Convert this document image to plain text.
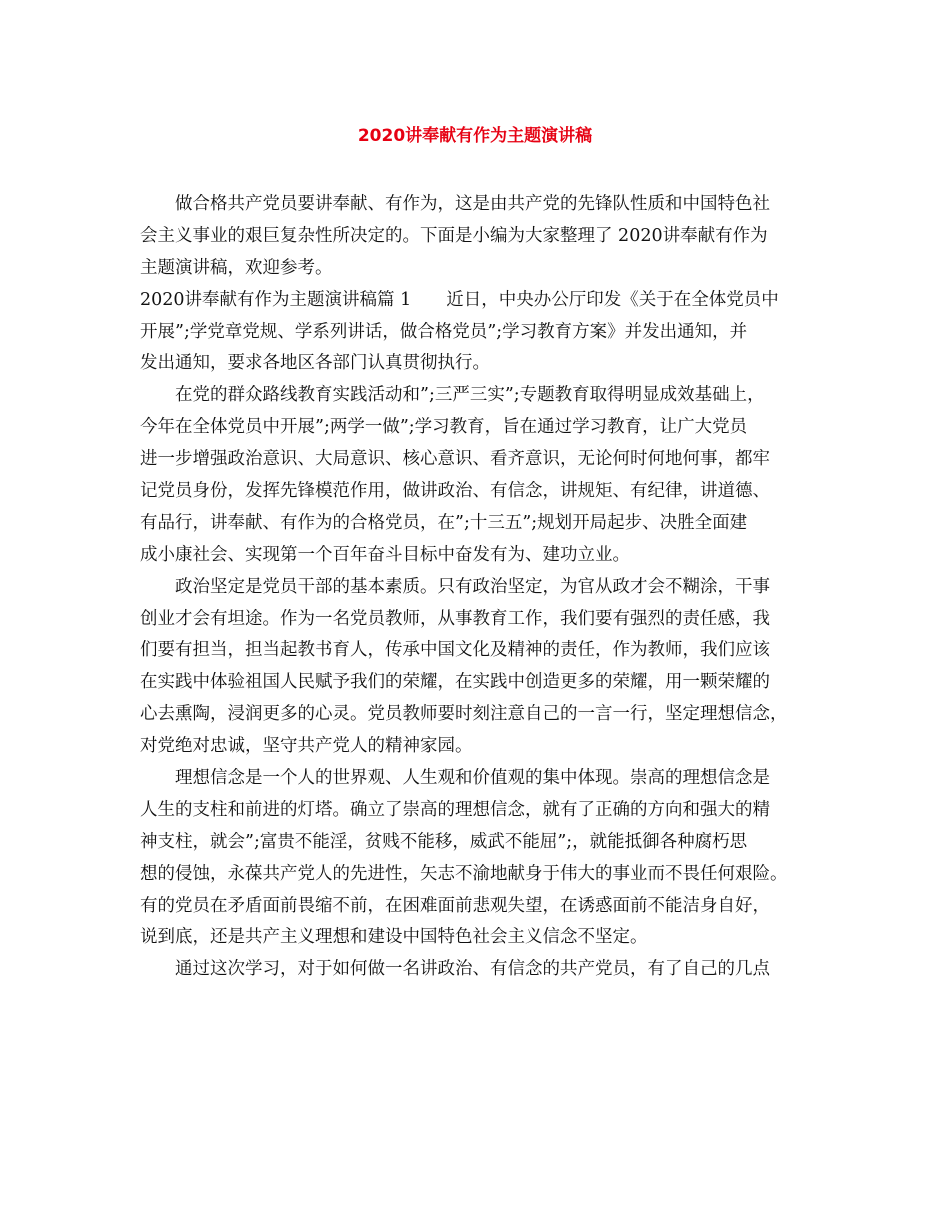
2020讲奉献有作为主题演讲稿
做合格共产党员要讲奉献、有作为，这是由共产党的先锋队性质和中国特色社
会主义事业的艰巨复杂性所决定的。下面是小编为大家整理了 2020讲奉献有作为
主题演讲稿，欢迎参考。
2020讲奉献有作为主题演讲稿篇 1　　近日，中央办公厅印发《关于在全体党员中
开展”;学党章党规、学系列讲话，做合格党员”;学习教育方案》并发出通知，并
发出通知，要求各地区各部门认真贯彻执行。
在党的群众路线教育实践活动和”;三严三实”;专题教育取得明显成效基础上，
今年在全体党员中开展”;两学一做”;学习教育，旨在通过学习教育，让广大党员
进一步增强政治意识、大局意识、核心意识、看齐意识，无论何时何地何事，都牢
记党员身份，发挥先锋模范作用，做讲政治、有信念，讲规矩、有纪律，讲道德、
有品行，讲奉献、有作为的合格党员，在”;十三五”;规划开局起步、决胜全面建
成小康社会、实现第一个百年奋斗目标中奋发有为、建功立业。
政治坚定是党员干部的基本素质。只有政治坚定，为官从政才会不糊涂，干事
创业才会有坦途。作为一名党员教师，从事教育工作，我们要有强烈的责任感，我
们要有担当，担当起教书育人，传承中国文化及精神的责任，作为教师，我们应该
在实践中体验祖国人民赋予我们的荣耀，在实践中创造更多的荣耀，用一颗荣耀的
心去熏陶，浸润更多的心灵。党员教师要时刻注意自己的一言一行，坚定理想信念，
对党绝对忠诚，坚守共产党人的精神家园。
理想信念是一个人的世界观、人生观和价值观的集中体现。崇高的理想信念是
人生的支柱和前进的灯塔。确立了崇高的理想信念，就有了正确的方向和强大的精
神支柱，就会”;富贵不能淫，贫贱不能移，威武不能屈”;，就能抵御各种腐朽思
想的侵蚀，永葆共产党人的先进性，矢志不渝地献身于伟大的事业而不畏任何艰险。
有的党员在矛盾面前畏缩不前，在困难面前悲观失望，在诱惑面前不能洁身自好，
说到底，还是共产主义理想和建设中国特色社会主义信念不坚定。
通过这次学习，对于如何做一名讲政治、有信念的共产党员，有了自己的几点
